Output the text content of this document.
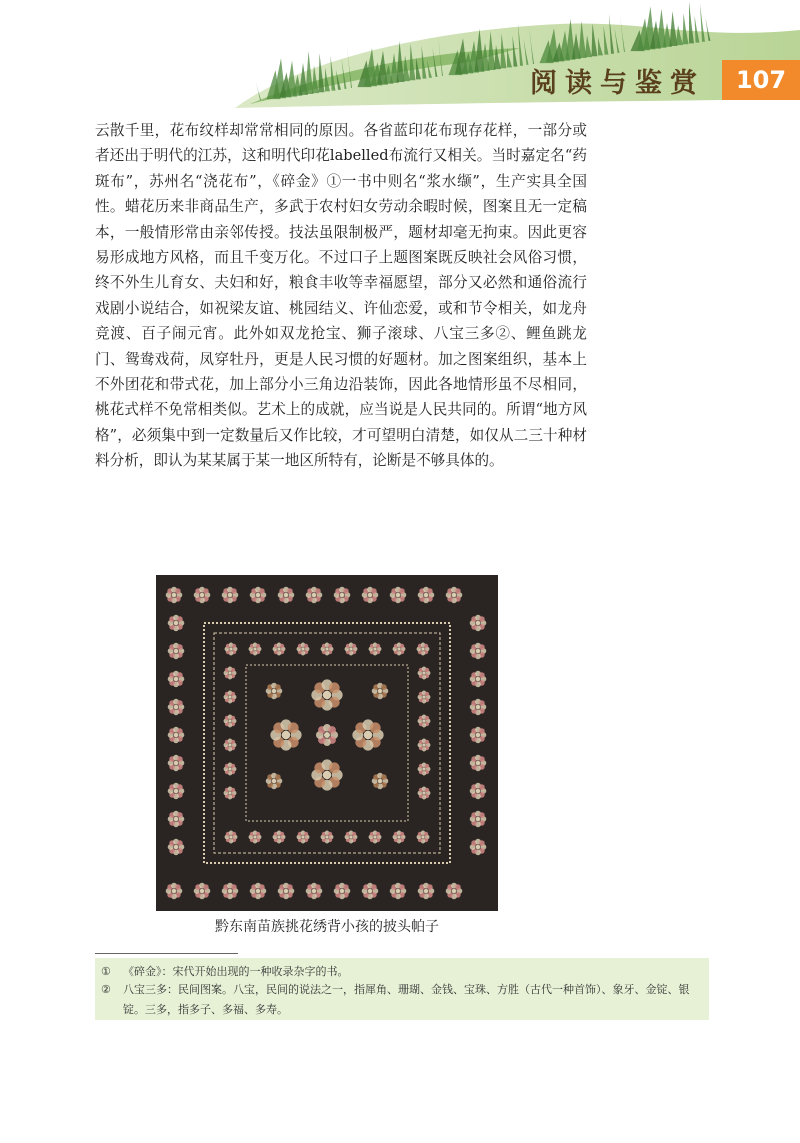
阅读与鉴赏	107

云散千里，花布纹样却常常相同的原因。各省蓝印花布现存花样，一部分或者还出于明代的江苏，这和明代印花labelled布流行又相关。当时嘉定名“药斑布”，苏州名“浇花布”，《碎金》①一书中则名“浆水缬”，生产实具全国性。蜡花历来非商品生产，多武于农村妇女劳动余暇时候，图案且无一定稿本，一般情形常由亲邻传授。技法虽限制极严，题材却毫无拘束。因此更容易形成地方风格，而且千变万化。不过口子上题图案既反映社会风俗习惯，终不外生儿育女、夫妇和好，粮食丰收等幸福愿望，部分又必然和通俗流行戏剧小说结合，如祝梁友谊、桃园结义、许仙恋爱，或和节令相关，如龙舟竞渡、百子闹元宵。此外如双龙抢宝、狮子滚球、八宝三多②、鲤鱼跳龙门、鸳鸯戏荷，凤穿牡丹，更是人民习惯的好题材。加之图案组织，基本上不外团花和带式花，加上部分小三角边沿装饰，因此各地情形虽不尽相同，桃花式样不免常相类似。艺术上的成就，应当说是人民共同的。所谓“地方风格”，必须集中到一定数量后又作比较，才可望明白清楚，如仅从二三十种材料分析，即认为某某属于某一地区所特有，论断是不够具体的。

黔东南苗族挑花绣背小孩的披头帕子
① 《碎金》：宋代开始出现的一种收录杂字的书。
② 八宝三多：民间图案。八宝，民间的说法之一，指犀角、珊瑚、金钱、宝珠、方胜（古代一种首饰）、象牙、金锭、银锭。三多，指多子、多福、多寿。
